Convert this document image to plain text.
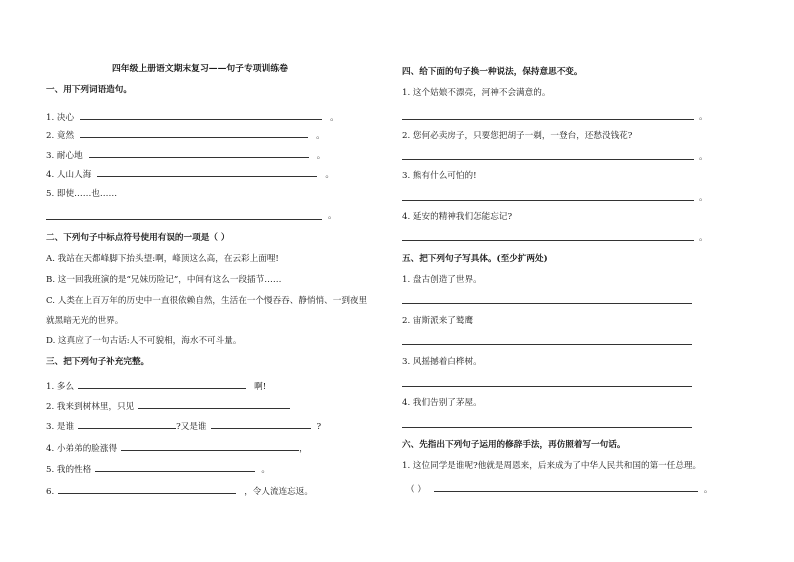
四年级上册语文期末复习——句子专项训练卷
一、用下列词语造句。
1. 决心	。
2. 竟然	。
3. 耐心地	。
4. 人山人海	。
5. 即使……也……
。
二、下列句子中标点符号使用有误的一项是（ ）
A. 我站在天都峰脚下抬头望:啊，峰顶这么高，在云彩上面哩!
B. 这一回我班演的是“兄妹历险记”，中间有这么一段插节……
C. 人类在上百万年的历史中一直很依赖自然，生活在一个慢吞吞、静悄悄、一到夜里
就黑暗无光的世界。
D. 这真应了一句古话:人不可貌相，海水不可斗量。
三、把下列句子补充完整。
1. 多么	啊!
2. 我来到树林里，只见
3. 是谁	?又是谁	?
4. 小弟弟的脸涨得	，
5. 我的性格	。
6.	，令人流连忘返。
四、给下面的句子换一种说法，保持意思不变。
1. 这个姑娘不漂亮，河神不会满意的。
。
2. 您何必卖房子，只要您把胡子一剃，一登台，还愁没钱花?
。
3. 熊有什么可怕的!
。
4. 延安的精神我们怎能忘记?
。
五、把下列句子写具体。(至少扩两处)
1. 盘古创造了世界。
2. 宙斯派来了鹫鹰
3. 风摇撼着白桦树。
4. 我们告别了茅屋。
六、先指出下列句子运用的修辞手法，再仿照着写一句话。
1. 这位同学是谁呢?他就是周恩来，后来成为了中华人民共和国的第一任总理。
（ ）	。
